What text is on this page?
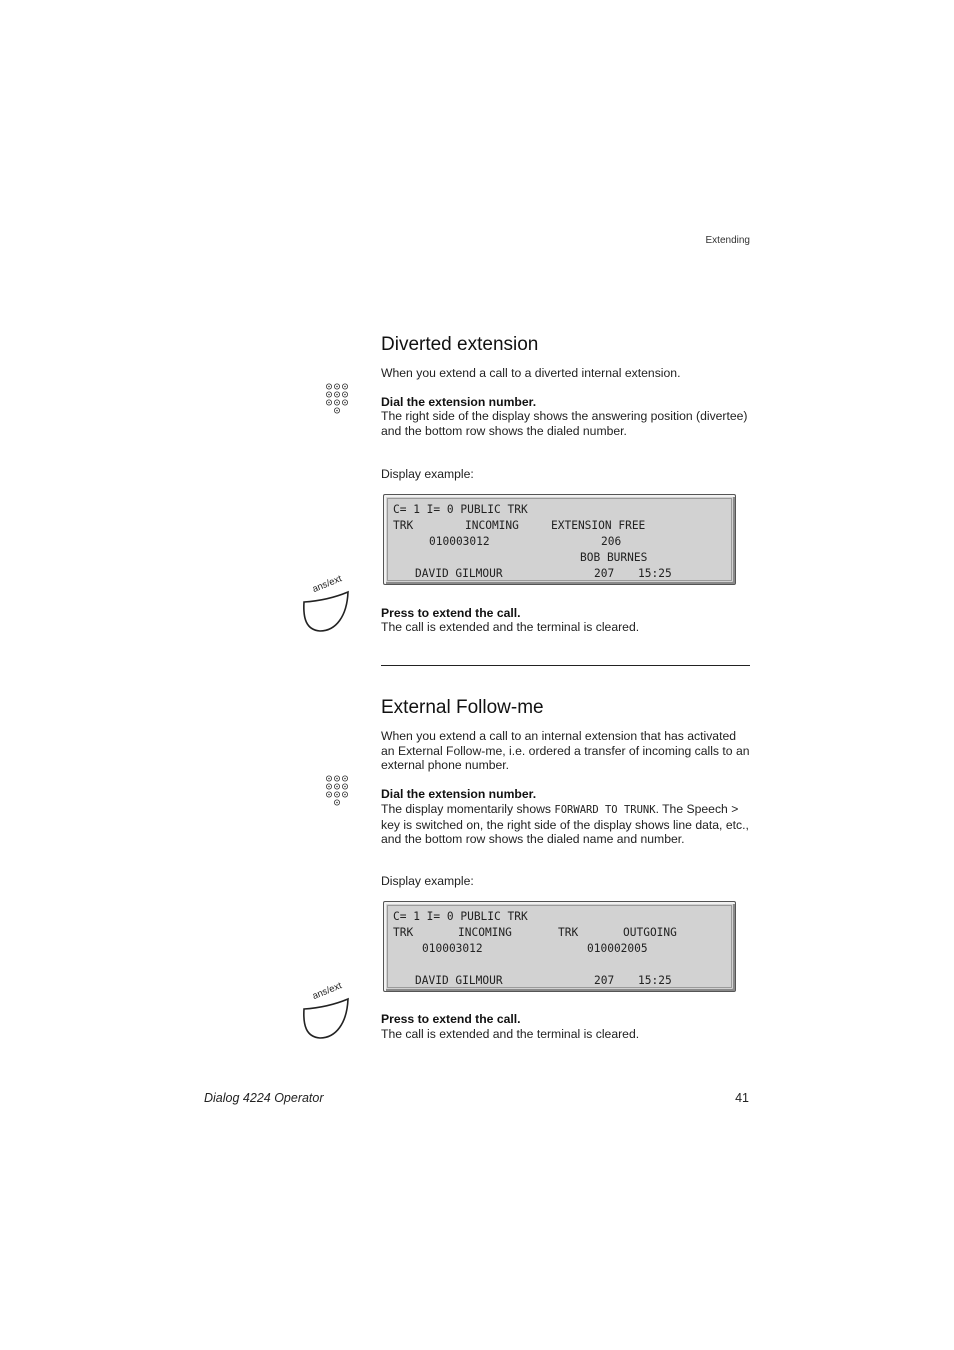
Extending
Diverted extension
When you extend a call to a diverted internal extension.
Dial the extension number.
The right side of the display shows the answering position (divertee) and the bottom row shows the dialed number.
Display example:
C= 1 I= 0 PUBLIC TRK
TRK	INCOMING	EXTENSION FREE
010003012	206
BOB BURNES
DAVID GILMOUR	207 15:25
ans/ext
Press to extend the call.
The call is extended and the terminal is cleared.
External Follow-me
When you extend a call to an internal extension that has activated an External Follow-me, i.e. ordered a transfer of incoming calls to an external phone number.
Dial the extension number.
The display momentarily shows FORWARD TO TRUNK. The Speech > key is switched on, the right side of the display shows line data, etc., and the bottom row shows the dialed name and number.
Display example:
C= 1 I= 0 PUBLIC TRK
TRK	INCOMING	TRK	OUTGOING
010003012	010002005
DAVID GILMOUR	207 15:25
ans/ext
Press to extend the call.
The call is extended and the terminal is cleared.
Dialog 4224 Operator	41
